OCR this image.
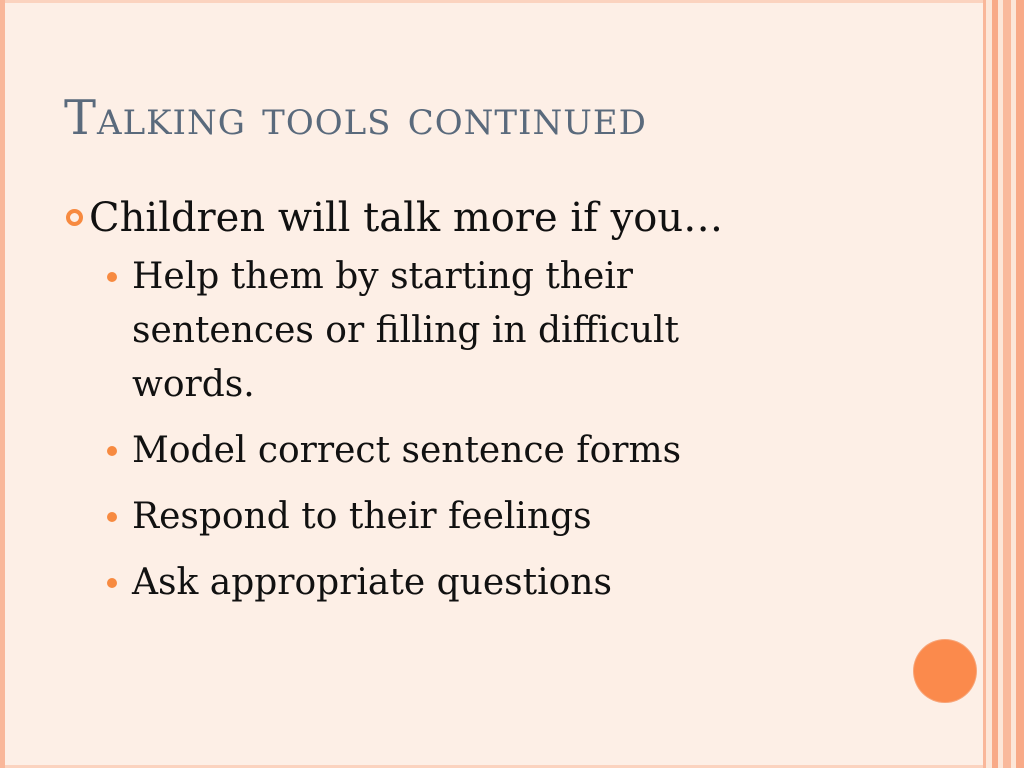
Talking tools continued
Children will talk more if you…
Help them by starting their sentences or filling in difficult words.
Model correct sentence forms
Respond to their feelings
Ask appropriate questions
